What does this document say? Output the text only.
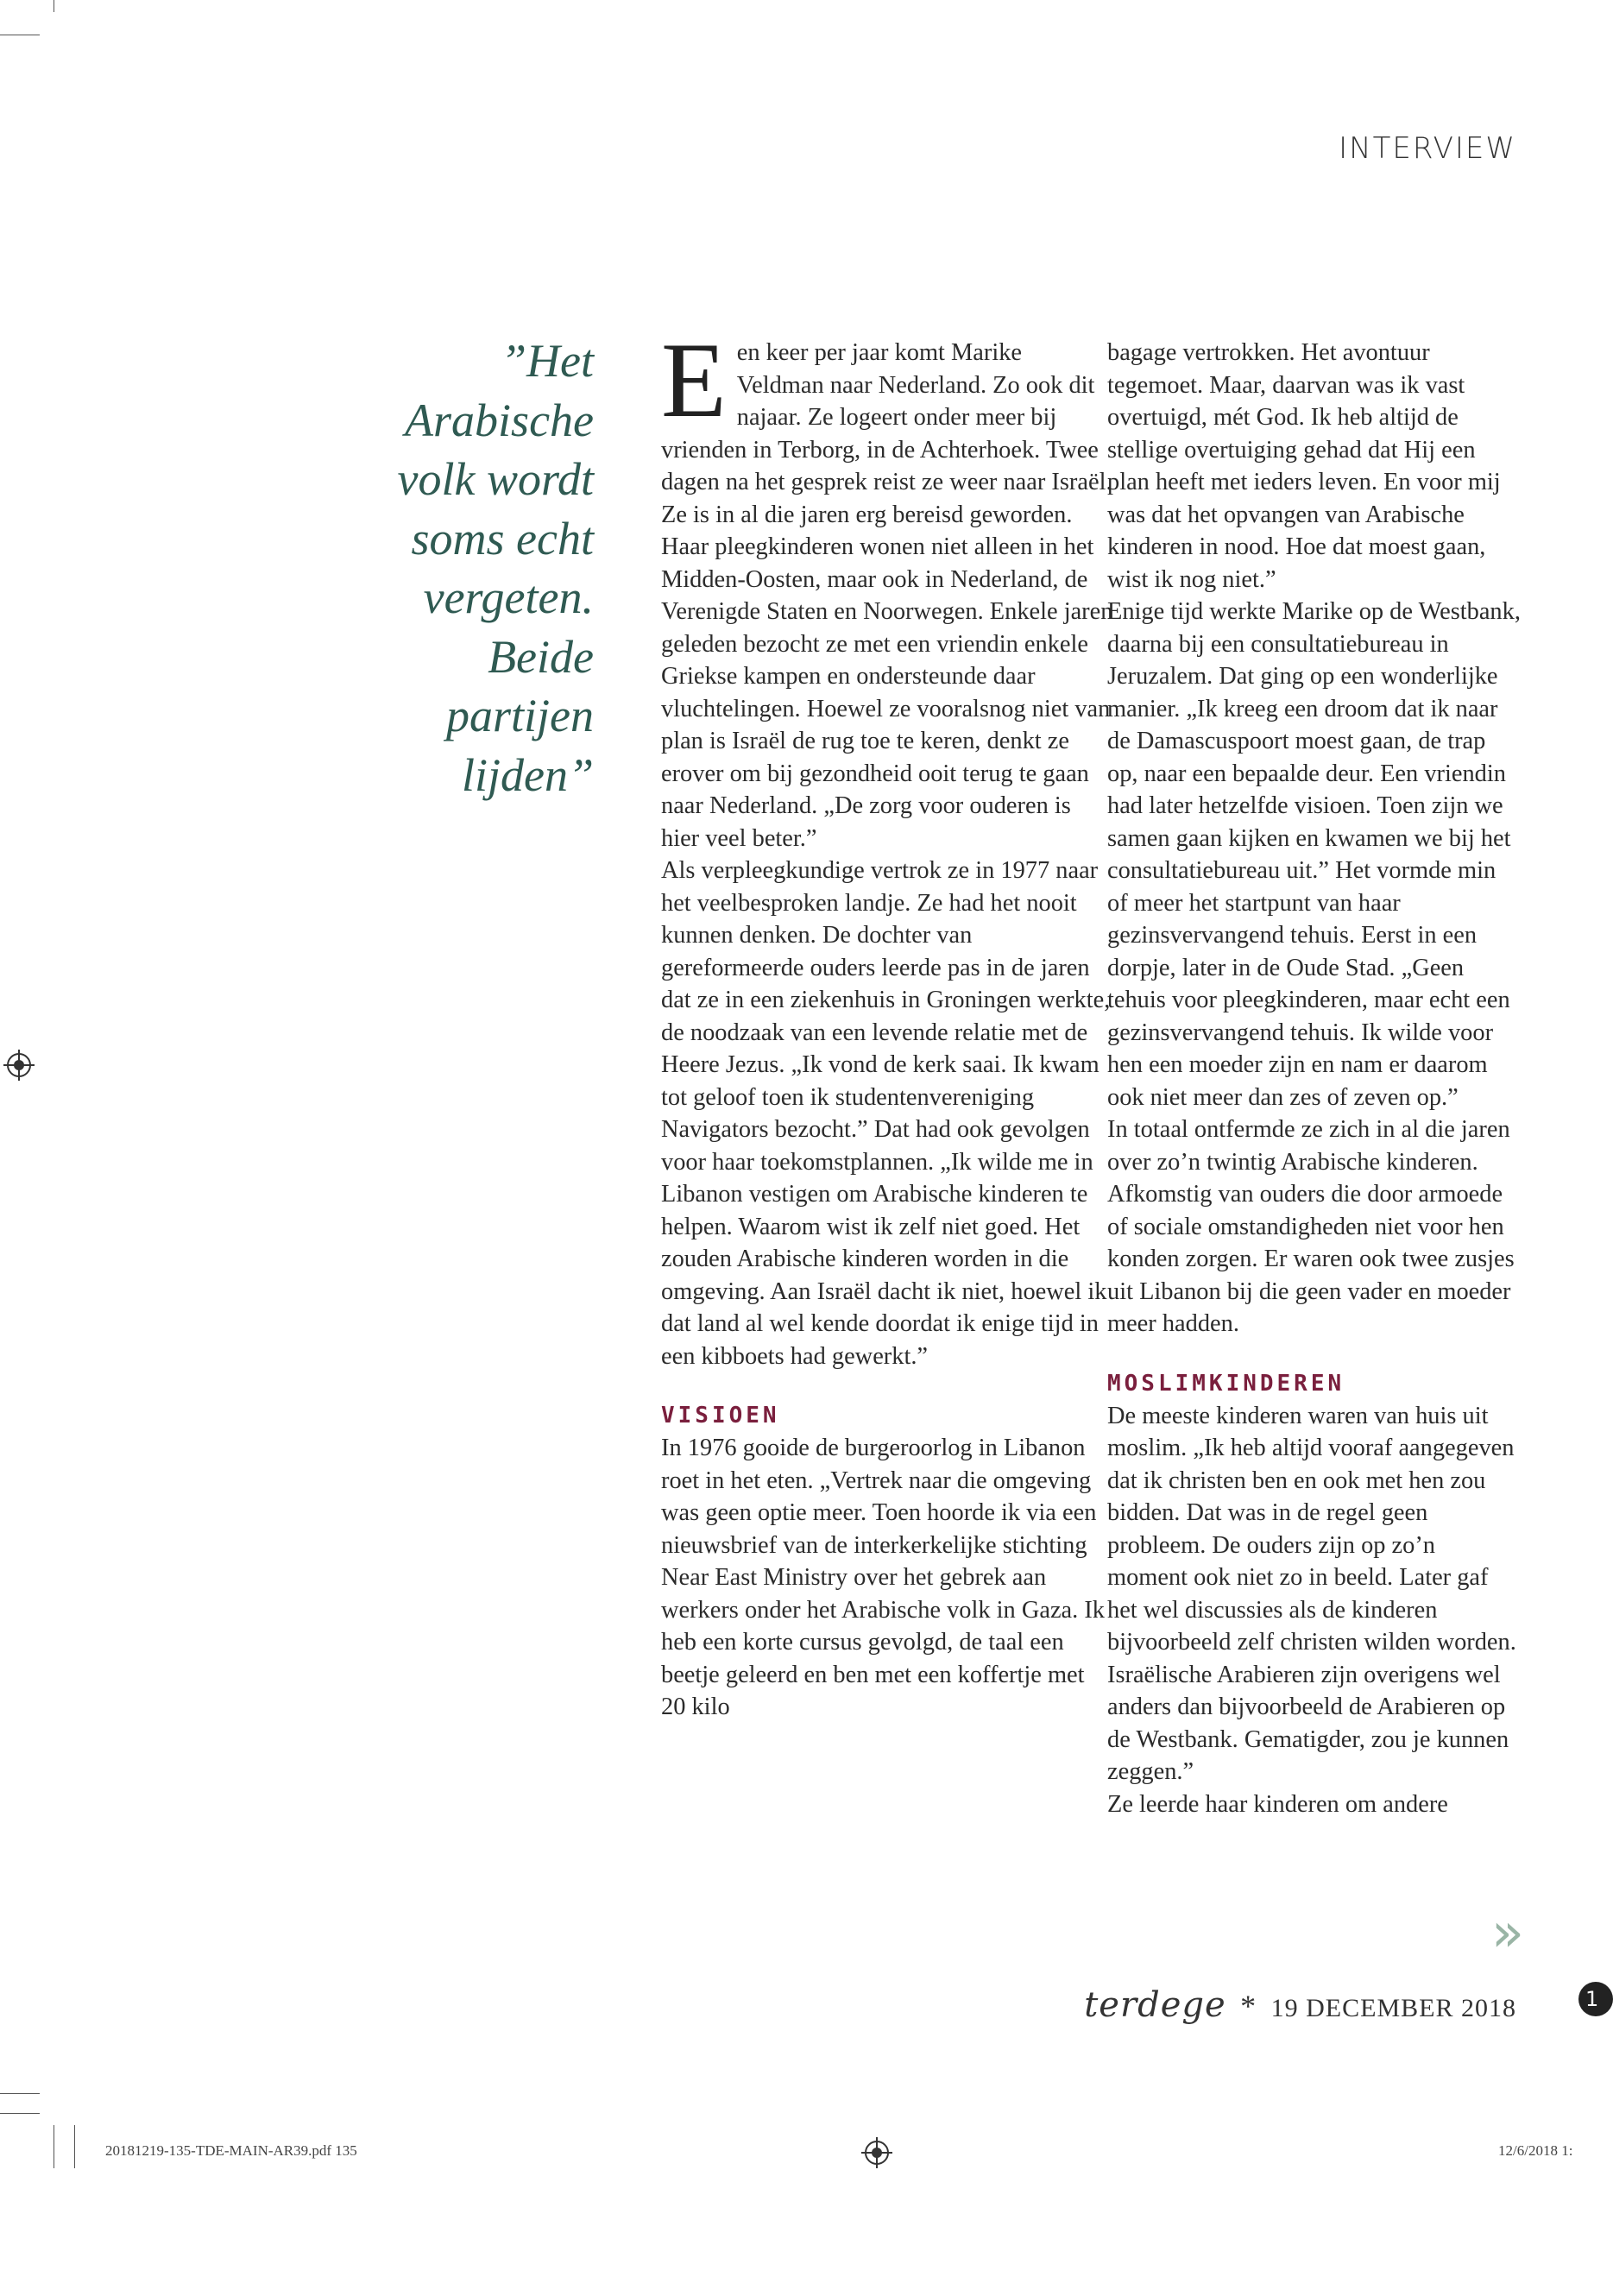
INTERVIEW
”Het
Arabische
volk wordt
soms echt
vergeten.
Beide
partijen
lijden”
E en keer per jaar komt Marike Veldman naar Nederland. Zo ook dit najaar. Ze logeert onder meer bij vrienden in Terborg, in de Achterhoek. Twee dagen na het gesprek reist ze weer naar Israël.

Ze is in al die jaren erg bereisd geworden. Haar pleegkinderen wonen niet alleen in het Midden-Oosten, maar ook in Nederland, de Verenigde Staten en Noorwegen. Enkele jaren geleden bezocht ze met een vriendin enkele Griekse kampen en ondersteunde daar vluchtelingen. Hoewel ze vooralsnog niet van plan is Israël de rug toe te keren, denkt ze erover om bij gezondheid ooit terug te gaan naar Nederland. „De zorg voor ouderen is hier veel beter.”

Als verpleegkundige vertrok ze in 1977 naar het veelbesproken landje. Ze had het nooit kunnen denken. De dochter van gereformeerde ouders leerde pas in de jaren dat ze in een ziekenhuis in Groningen werkte, de noodzaak van een levende relatie met de Heere Jezus. „Ik vond de kerk saai. Ik kwam tot geloof toen ik studentenvereniging Navigators bezocht.” Dat had ook gevolgen voor haar toekomstplannen. „Ik wilde me in Libanon vestigen om Arabische kinderen te helpen. Waarom wist ik zelf niet goed. Het zouden Arabische kinderen worden in die omgeving. Aan Israël dacht ik niet, hoewel ik dat land al wel kende doordat ik enige tijd in een kibboets had gewerkt.”

VISIOEN

In 1976 gooide de burgeroorlog in Libanon roet in het eten. „Vertrek naar die omgeving was geen optie meer. Toen hoorde ik via een nieuwsbrief van de interkerkelijke stichting Near East Ministry over het gebrek aan werkers onder het Arabische volk in Gaza. Ik heb een korte cursus gevolgd, de taal een beetje geleerd en ben met een koffertje met 20 kilo

bagage vertrokken. Het avontuur tegemoet. Maar, daarvan was ik vast overtuigd, mét God. Ik heb altijd de stellige overtuiging gehad dat Hij een plan heeft met ieders leven. En voor mij was dat het opvangen van Arabische kinderen in nood. Hoe dat moest gaan, wist ik nog niet.”

Enige tijd werkte Marike op de Westbank, daarna bij een consultatiebureau in Jeruzalem. Dat ging op een wonderlijke manier. „Ik kreeg een droom dat ik naar de Damascuspoort moest gaan, de trap op, naar een bepaalde deur. Een vriendin had later hetzelfde visioen. Toen zijn we samen gaan kijken en kwamen we bij het consultatiebureau uit.” Het vormde min of meer het startpunt van haar gezinsvervangend tehuis. Eerst in een dorpje, later in de Oude Stad. „Geen tehuis voor pleegkinderen, maar echt een gezinsvervangend tehuis. Ik wilde voor hen een moeder zijn en nam er daarom ook niet meer dan zes of zeven op.”

In totaal ontfermde ze zich in al die jaren over zo’n twintig Arabische kinderen. Afkomstig van ouders die door armoede of sociale omstandigheden niet voor hen konden zorgen. Er waren ook twee zusjes uit Libanon bij die geen vader en moeder meer hadden.

MOSLIMKINDEREN

De meeste kinderen waren van huis uit moslim. „Ik heb altijd vooraf aangegeven dat ik christen ben en ook met hen zou bidden. Dat was in de regel geen probleem. De ouders zijn op zo’n moment ook niet zo in beeld. Later gaf het wel discussies als de kinderen bijvoorbeeld zelf christen wilden worden. Israëlische Arabieren zijn overigens wel anders dan bijvoorbeeld de Arabieren op de Westbank. Gematigder, zou je kunnen zeggen.”

Ze leerde haar kinderen om andere

»
terdege * 19 DECEMBER 2018	1
20181219-135-TDE-MAIN-AR39.pdf 135	12/6/2018 1:
